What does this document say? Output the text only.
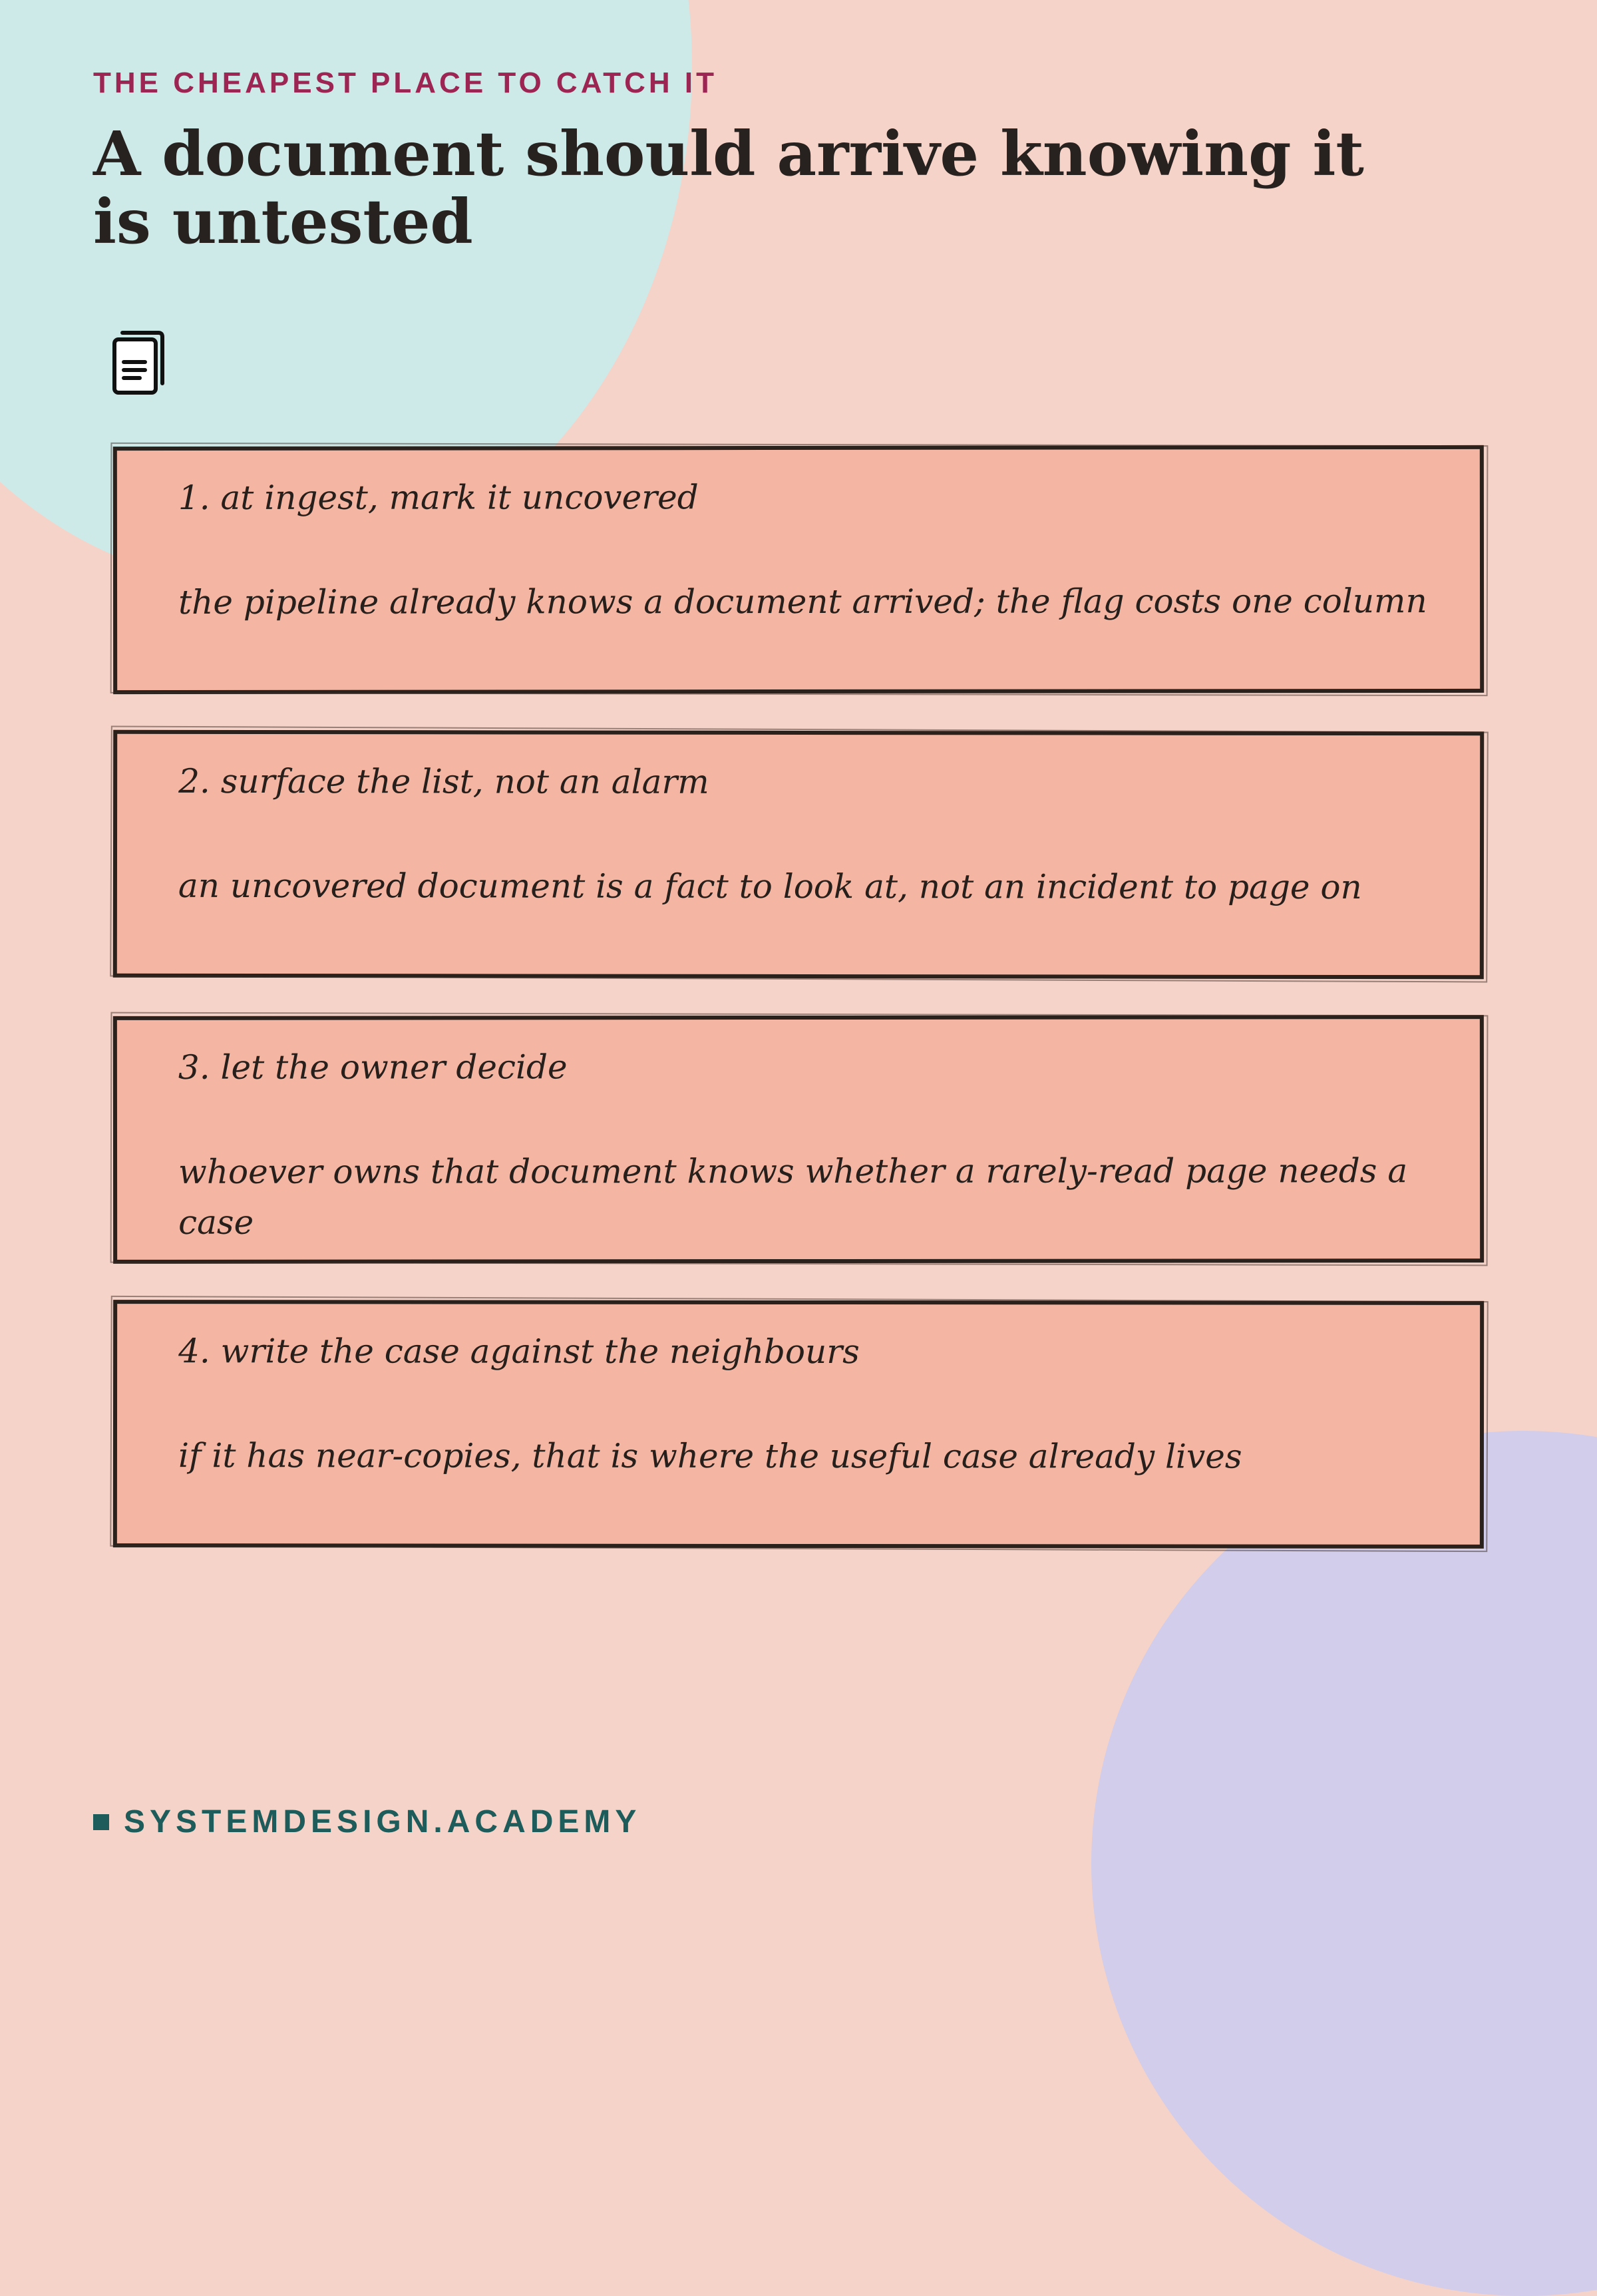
THE CHEAPEST PLACE TO CATCH IT
A document should arrive knowing it is untested
1. at ingest, mark it uncovered
the pipeline already knows a document arrived; the flag costs one column
2. surface the list, not an alarm
an uncovered document is a fact to look at, not an incident to page on
3. let the owner decide
whoever owns that document knows whether a rarely-read page needs a case
4. write the case against the neighbours
if it has near-copies, that is where the useful case already lives
SYSTEMDESIGN.ACADEMY
